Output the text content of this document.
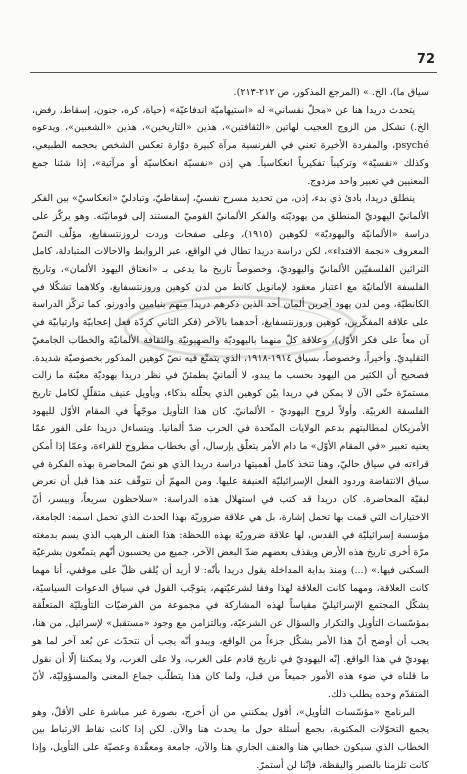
72

سياق ما)، الخ. » (المرجع المذكور، ص ٢١٢-٢١٣).

يتحدث دريدا هنا عن «محلّ نفساني» له «استيهاميّة اندفاعيّة» (حياة، كره، جنون، إسقاط، رفض، الخ.) تشكل من الزوج العجيب لهاتين «الثقافتين»، هذين «التاريخين»، هذين «الشعبين»، ويدعوه psyché، والمفردة الأخيرة تعني في الفرنسية مرآة كبيرة دوّارة تعكس الشخص بحجمه الطبيعي، وكذلك «نفسيّة» وتركيباً تفكيرياً انعكاسياً. هي إذن «نفسيّة انعكاسيّة أو مرآتية»، إذا شئنا جمع المعنيين في تعبير واحد مزدوج.

ينطلق دريدا، بادئ ذي بدء، إذن، من تحديد مسرح نفسيّ، إسقاطيّ، وتبادليّ «انعكاسيّ» بين الفكر الألمانيّ اليهوديّ المنطلق من يهوديّته والفكر الألمانيّ القوميّ المستند إلى فومانيّته. وهو يركّز على دراسة «الألمانيّة واليهوديّة» لكوهين (١٩١٥)، وعلى صفحات وردت لروزنتسفايغ، مؤلّف النصّ المعروف «نجمة الافتداء»، لكن دراسة دريدا تطال في الواقع، عبر الروابط والاحالات المتبادلة، كامل التراثين الفلسفيّين الألمانيّ واليهوديّ، وخصوصاً تاريخ ما يدعى بـ «انعتاق اليهود الألمان»، وتاريخ الفلسفة الألمانيّة مع اعتبار معقود لإمانويل كانط من لدن كوهين وروزنتسفايغ، وكلاهما تشكّلا في الكانطيّة، ومن لدن يهود آخرين ألمان أحد الذين ذكرهم دريدا منهم بنيامين وأدورنو. كما تركّز الدراسة على علاقة المفكّرين، كوهين وروزنتسفايغ، أحدهما بالآخر (فكر الثاني كردّة فعل إعجابيّة وارتيابيّة في آن معاً على فكر الأوّل)، وعلاقة كلّ منهما باليهوديّة والصهيونيّة والثقافة الألمانيّة والخطاب الجامعيّ التقليديّ. وأخيراً، وخصوصاً، بسياق ١٩١٤-١٩١٨، الذي يتمتّع فيه نصّ كوهين المذكور بخصوصيّة شديدة. فصحيح أن الكثير من اليهود بحسب ما يبدو، لا ألمانيّ يطمئنّ في نظر دريدا يهوديّة معيّنة ما زالت مستمرّة حتّى الآن لا يمكن في دريدا بيّن كوهين الذي يحلّله بذكاء، ويأويل عنيف متقلّلٍ لكامل تاريخ الفلسفة الغربيّة. وأولاً لروح اليهوديّ - الألمانيّ. كان هذا التأويل موجّهاً في المقام الأوّل لليهود الأمريكان لمطالبتهم بدعم الولايات المتّحدة في الحرب ضدّ ألمانيا. ويتساءل دريدا على الفور عمّا يعنيه تعبير «في المقام الأوّل» ما دام الأمر يتعلّق بإرسال، أي بخطاب مطروح للقراءة، وعمّا إذا أمكن قراءته في سياق حاليّ، وهنا تتخذ كامل أهميتها دراسة دريدا الذي هو نصّ المحاضرة بهذه الفكرة في سياق الانتفاضة وردود الفعل الإسرائيليّة العنيفة عليها. ومن المهمّ أن نتوقّف عند هذا قبل أن نعرض لبقيّة المحاضرة. كان دريدا قد كتب في استهلال هذه الدراسة: «سلاحظون سريعاً، وبيسر، أنّ الاختيارات التي قمت بها تحمل إشارة، بل هي علاقة ضروريّة بهذا الحدث الذي تحمل اسمه: الجامعة، مؤسسة إسرائيليّة في القدس، لها علاقة ضروريّة بهذه اللحظة: هذا العنف الرهيب الذي يسم بدمغته مرّة أخرى تاريخ هذه الأرض ويقذف بعضهم ضدّ البعض الآخر، جميع من يحسبون أنّهم يتمتّعون بشرعيّة السكنى فيها.» (...) ومنذ بداية المداخلة يقول دريدا بأنّه: لا أريد أن يُلقى ظلّ على موقفي، أنا مهما كانت العلاقة، ومهما كانت العلاقة لهذا وفقا لشرعيّتهم، يتوجّب القول في سياق الدعوات السياسيّة، يشكّل المجتمع الإسرائيليّ مقياساً لهذه المشاركة في مجموعة من الفرضيّات التأويليّة المتعلّقة بمؤسّسات التأويل والتكرار والسؤال عن الشرعيّة، وبالتزامن مع وجود «مستقبل» لإسرائيل. من هنا، يجب أن أوضح أنّ هذا الأمر يشكّل جزءاً من الواقع، ويبدو أنّه يجب أن نتحدّث عن بُعد آخر لما هو يهوديّ في هذا الواقع. إنّه اليهوديّ في تاريخ قادم على الغرب، ولا على الغرب، ولا يمكننا إلّا أن نقول ما قلناه في ضوء هذه الأمور جميعاً من قبل، ولما كان هذا يتطلّب جماع المعنى والمسؤوليّة، لأنّ المتقدّم وحده يطلب ذلك.

البرنامج «مؤسّسات التأويل»، أقول يمكنني من أن أخرج، بصورة غير مباشرة على الأقلّ، وهو يجمع التحوّلات المكتوبة، بجمع أسئلة حول ما يحدث هنا والآن. لكن إذا كانت نقاط الارتباط بين الخطاب الذي سيكون خطابي هنا والعنف الجاري هنا والآن، جامعة ومعقّدة وعصيّة على التأويل، وإذا كانت تلزمنا بالصبر واليقظة، فإنّنا لن أستمرّ.
